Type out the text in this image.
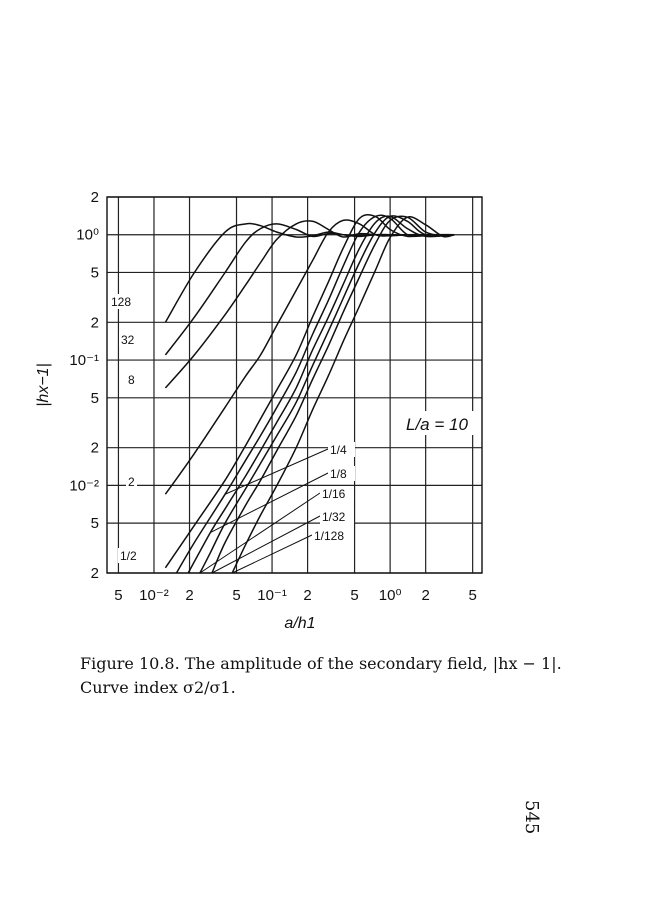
128
32
8
2
1/2
1/4
1/8
1/16
1/32
1/128
5 10⁻² 2	5 10⁻¹ 2	5 10⁰ 2	5
2
10⁰
5
2
10⁻¹
5
2
10⁻²
5
2
L/a = 10
a/h1
|hx−1|
Figure 10.8. The amplitude of the secondary field, |hx − 1|.
Curve index σ2/σ1.
545
